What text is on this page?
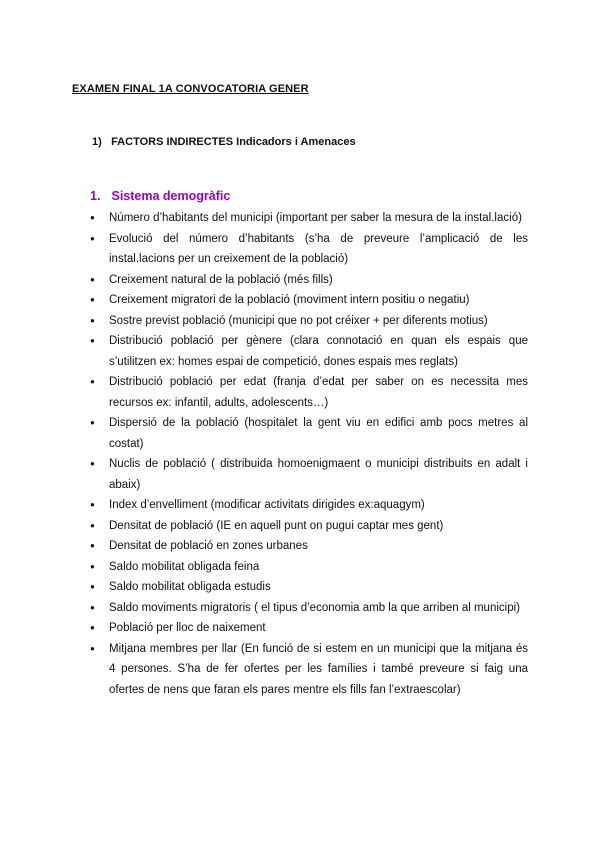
EXAMEN FINAL 1A CONVOCATORIA GENER
1) FACTORS INDIRECTES Indicadors i Amenaces
1. Sistema demogràfic
● Número d’habitants del municipi (important per saber la mesura de la instal.lació)
● Evolució del número d’habitants (s’ha de preveure l’amplicació de les instal.lacions per un creixement de la població)
● Creixement natural de la població (més fills)
● Creixement migratori de la població (moviment intern positiu o negatiu)
● Sostre previst població (municipi que no pot créixer + per diferents motius)
● Distribució població per gènere (clara connotació en quan els espais que s’utilitzen ex: homes espai de competició, dones espais mes reglats)
● Distribució població per edat (franja d’edat per saber on es necessita mes recursos ex: infantil, adults, adolescents…)
● Dispersió de la població (hospitalet la gent viu en edifici amb pocs metres al costat)
● Nuclis de població ( distribuida homoenigmaent o municipi distribuits en adalt i abaix)
● Index d’envelliment (modificar activitats dirigides ex:aquagym)
● Densitat de població (IE en aquell punt on pugui captar mes gent)
● Densitat de població en zones urbanes
● Saldo mobilitat obligada feina
● Saldo mobilitat obligada estudis
● Saldo moviments migratoris ( el tipus d’economia amb la que arriben al municipi)
● Població per lloc de naixement
● Mitjana membres per llar (En funció de si estem en un municipi que la mitjana és 4 persones. S’ha de fer ofertes per les famílies i també preveure si faig una ofertes de nens que faran els pares mentre els fills fan l’extraescolar)
